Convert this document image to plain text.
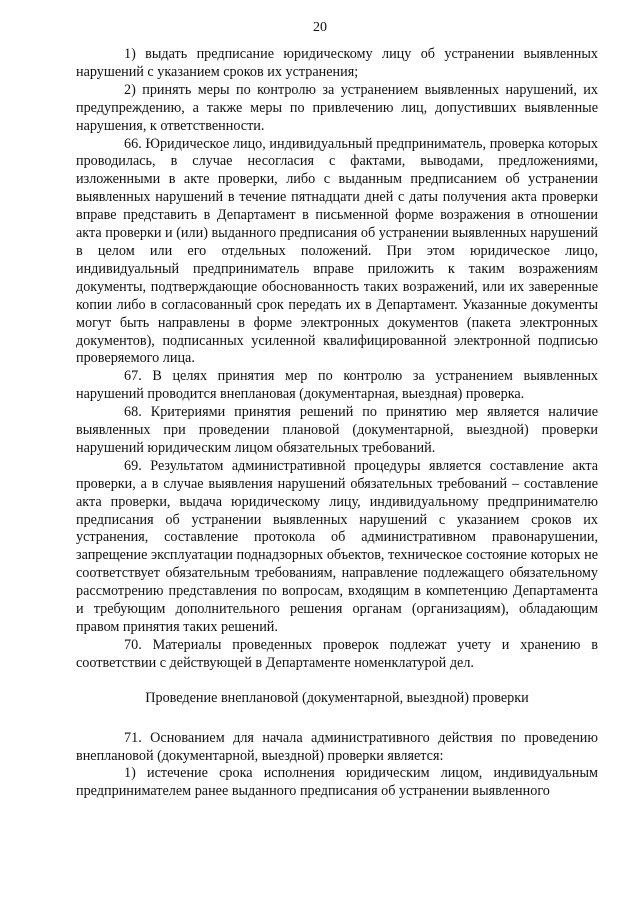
20

1) выдать предписание юридическому лицу об устранении выявленных нарушений с указанием сроков их устранения;

2) принять меры по контролю за устранением выявленных нарушений, их предупреждению, а также меры по привлечению лиц, допустивших выявленные нарушения, к ответственности.

66. Юридическое лицо, индивидуальный предприниматель, проверка которых проводилась, в случае несогласия с фактами, выводами, предложениями, изложенными в акте проверки, либо с выданным предписанием об устранении выявленных нарушений в течение пятнадцати дней с даты получения акта проверки вправе представить в Департамент в письменной форме возражения в отношении акта проверки и (или) выданного предписания об устранении выявленных нарушений в целом или его отдельных положений. При этом юридическое лицо, индивидуальный предприниматель вправе приложить к таким возражениям документы, подтверждающие обоснованность таких возражений, или их заверенные копии либо в согласованный срок передать их в Департамент. Указанные документы могут быть направлены в форме электронных документов (пакета электронных документов), подписанных усиленной квалифицированной электронной подписью проверяемого лица.

67. В целях принятия мер по контролю за устранением выявленных нарушений проводится внеплановая (документарная, выездная) проверка.

68. Критериями принятия решений по принятию мер является наличие выявленных при проведении плановой (документарной, выездной) проверки нарушений юридическим лицом обязательных требований.

69. Результатом административной процедуры является составление акта проверки, а в случае выявления нарушений обязательных требований – составление акта проверки, выдача юридическому лицу, индивидуальному предпринимателю предписания об устранении выявленных нарушений с указанием сроков их устранения, составление протокола об административном правонарушении, запрещение эксплуатации поднадзорных объектов, техническое состояние которых не соответствует обязательным требованиям, направление подлежащего обязательному рассмотрению представления по вопросам, входящим в компетенцию Департамента и требующим дополнительного решения органам (организациям), обладающим правом принятия таких решений.

70. Материалы проведенных проверок подлежат учету и хранению в соответствии с действующей в Департаменте номенклатурой дел.

Проведение внеплановой (документарной, выездной) проверки

71. Основанием для начала административного действия по проведению внеплановой (документарной, выездной) проверки является:

1) истечение срока исполнения юридическим лицом, индивидуальным предпринимателем ранее выданного предписания об устранении выявленного
